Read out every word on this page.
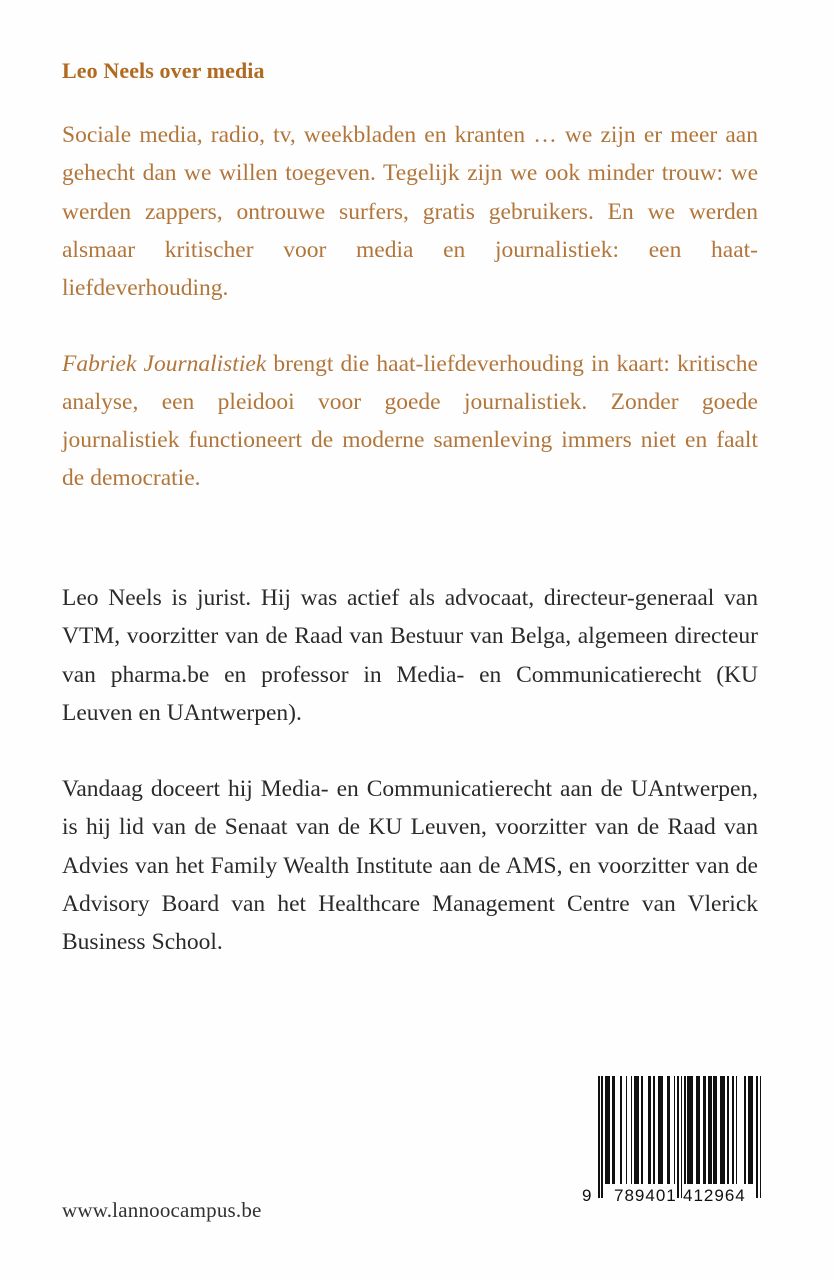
Leo Neels over media

Sociale media, radio, tv, weekbladen en kranten … we zijn er meer aan gehecht dan we willen toegeven. Tegelijk zijn we ook minder trouw: we werden zappers, ontrouwe surfers, gratis gebruikers. En we werden alsmaar kritischer voor media en journalistiek: een haat-liefdeverhouding.

Fabriek Journalistiek brengt die haat-liefdeverhouding in kaart: kritische analyse, een pleidooi voor goede journalistiek. Zonder goede journalistiek functioneert de moderne samenleving immers niet en faalt de democratie.

Leo Neels is jurist. Hij was actief als advocaat, directeur-generaal van VTM, voorzitter van de Raad van Bestuur van Belga, algemeen directeur van pharma.be en professor in Media- en Communicatierecht (KU Leuven en UAntwerpen).

Vandaag doceert hij Media- en Communicatierecht aan de UAntwerpen, is hij lid van de Senaat van de KU Leuven, voorzitter van de Raad van Advies van het Family Wealth Institute aan de AMS, en voorzitter van de Advisory Board van het Healthcare Management Centre van Vlerick Business School.

www.lannoocampus.be
9 789401 412964
